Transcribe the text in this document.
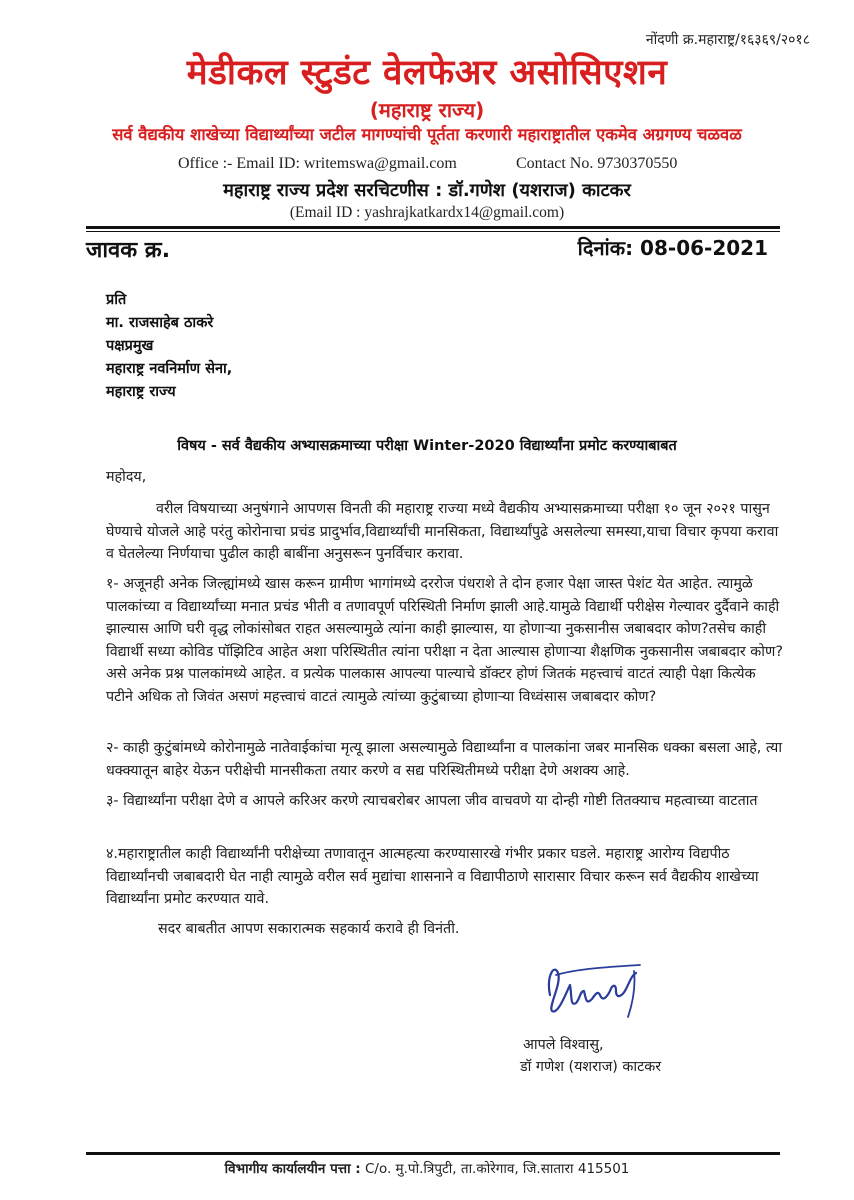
नोंदणी क्र.महाराष्ट्र/१६३६९/२०१८
मेडीकल स्टुडंट वेलफेअर असोसिएशन
(महाराष्ट्र राज्य)
सर्व वैद्यकीय शाखेच्या विद्यार्थ्यांच्या जटील मागण्यांची पूर्तता करणारी महाराष्ट्रातील एकमेव अग्रगण्य चळवळ
Office :- Email ID: writemswa@gmail.com	Contact No. 9730370550
महाराष्ट्र राज्य प्रदेश सरचिटणीस : डॉ.गणेश (यशराज) काटकर
(Email ID : yashrajkatkardx14@gmail.com)
जावक क्र.	दिनांक: 08-06-2021
प्रति
मा. राजसाहेब ठाकरे
पक्षप्रमुख
महाराष्ट्र नवनिर्माण सेना,
महाराष्ट्र राज्य
विषय - सर्व वैद्यकीय अभ्यासक्रमाच्या परीक्षा Winter-2020 विद्यार्थ्यांना प्रमोट करण्याबाबत
महोदय,
वरील विषयाच्या अनुषंगाने आपणस विनती की महाराष्ट्र राज्या मध्ये वैद्यकीय अभ्यासक्रमाच्या परीक्षा १० जून २०२१ पासुन घेण्याचे योजले आहे परंतु कोरोनाचा प्रचंड प्रादुर्भाव,विद्यार्थ्यांची मानसिकता, विद्यार्थ्यांपुढे असलेल्या समस्या,याचा विचार कृपया करावा व घेतलेल्या निर्णयाचा पुढील काही बाबींना अनुसरून पुनर्विचार करावा.
१- अजूनही अनेक जिल्ह्यांमध्ये खास करून ग्रामीण भागांमध्ये दररोज पंधराशे ते दोन हजार पेक्षा जास्त पेशंट येत आहेत. त्यामुळे पालकांच्या व विद्यार्थ्यांच्या मनात प्रचंड भीती व तणावपूर्ण परिस्थिती निर्माण झाली आहे.यामुळे विद्यार्थी परीक्षेस गेल्यावर दुर्दैवाने काही झाल्यास आणि घरी वृद्ध लोकांसोबत राहत असल्यामुळे त्यांना काही झाल्यास, या होणाऱ्या नुकसानीस जबाबदार कोण?तसेच काही विद्यार्थी सध्या कोविड पॉझिटिव आहेत अशा परिस्थितीत त्यांना परीक्षा न देता आल्यास होणाऱ्या शैक्षणिक नुकसानीस जबाबदार कोण?असे अनेक प्रश्न पालकांमध्ये आहेत. व प्रत्येक पालकास आपल्या पाल्याचे डॉक्टर होणं जितकं महत्त्वाचं वाटतं त्याही पेक्षा कित्येक पटीने अधिक तो जिवंत असणं महत्त्वाचं वाटतं त्यामुळे त्यांच्या कुटुंबाच्या होणाऱ्या विध्वंसास जबाबदार कोण?
२- काही कुटुंबांमध्ये कोरोनामुळे नातेवाईकांचा मृत्यू झाला असल्यामुळे विद्यार्थ्यांना व पालकांना जबर मानसिक धक्का बसला आहे, त्या धक्क्यातून बाहेर येऊन परीक्षेची मानसीकता तयार करणे व सद्य परिस्थितीमध्ये परीक्षा देणे अशक्य आहे.
३- विद्यार्थ्यांना परीक्षा देणे व आपले करिअर करणे त्याचबरोबर आपला जीव वाचवणे या दोन्ही गोष्टी तितक्याच महत्वाच्या वाटतात
४.महाराष्ट्रातील काही विद्यार्थ्यांनी परीक्षेच्या तणावातून आत्महत्या करण्यासारखे गंभीर प्रकार घडले. महाराष्ट्र आरोग्य विद्यपीठ विद्यार्थ्यांनची जबाबदारी घेत नाही त्यामुळे वरील सर्व मुद्यांचा शासनाने व विद्यापीठाणे सारासार विचार करून सर्व वैद्यकीय शाखेच्या विद्यार्थ्यांना प्रमोट करण्यात यावे.
सदर बाबतीत आपण सकारात्मक सहकार्य करावे ही विनंती.
आपले विश्वासु,
डॉ गणेश (यशराज) काटकर
विभागीय कार्यालयीन पत्ता : C/o. मु.पो.त्रिपुटी, ता.कोरेगाव, जि.सातारा 415501
